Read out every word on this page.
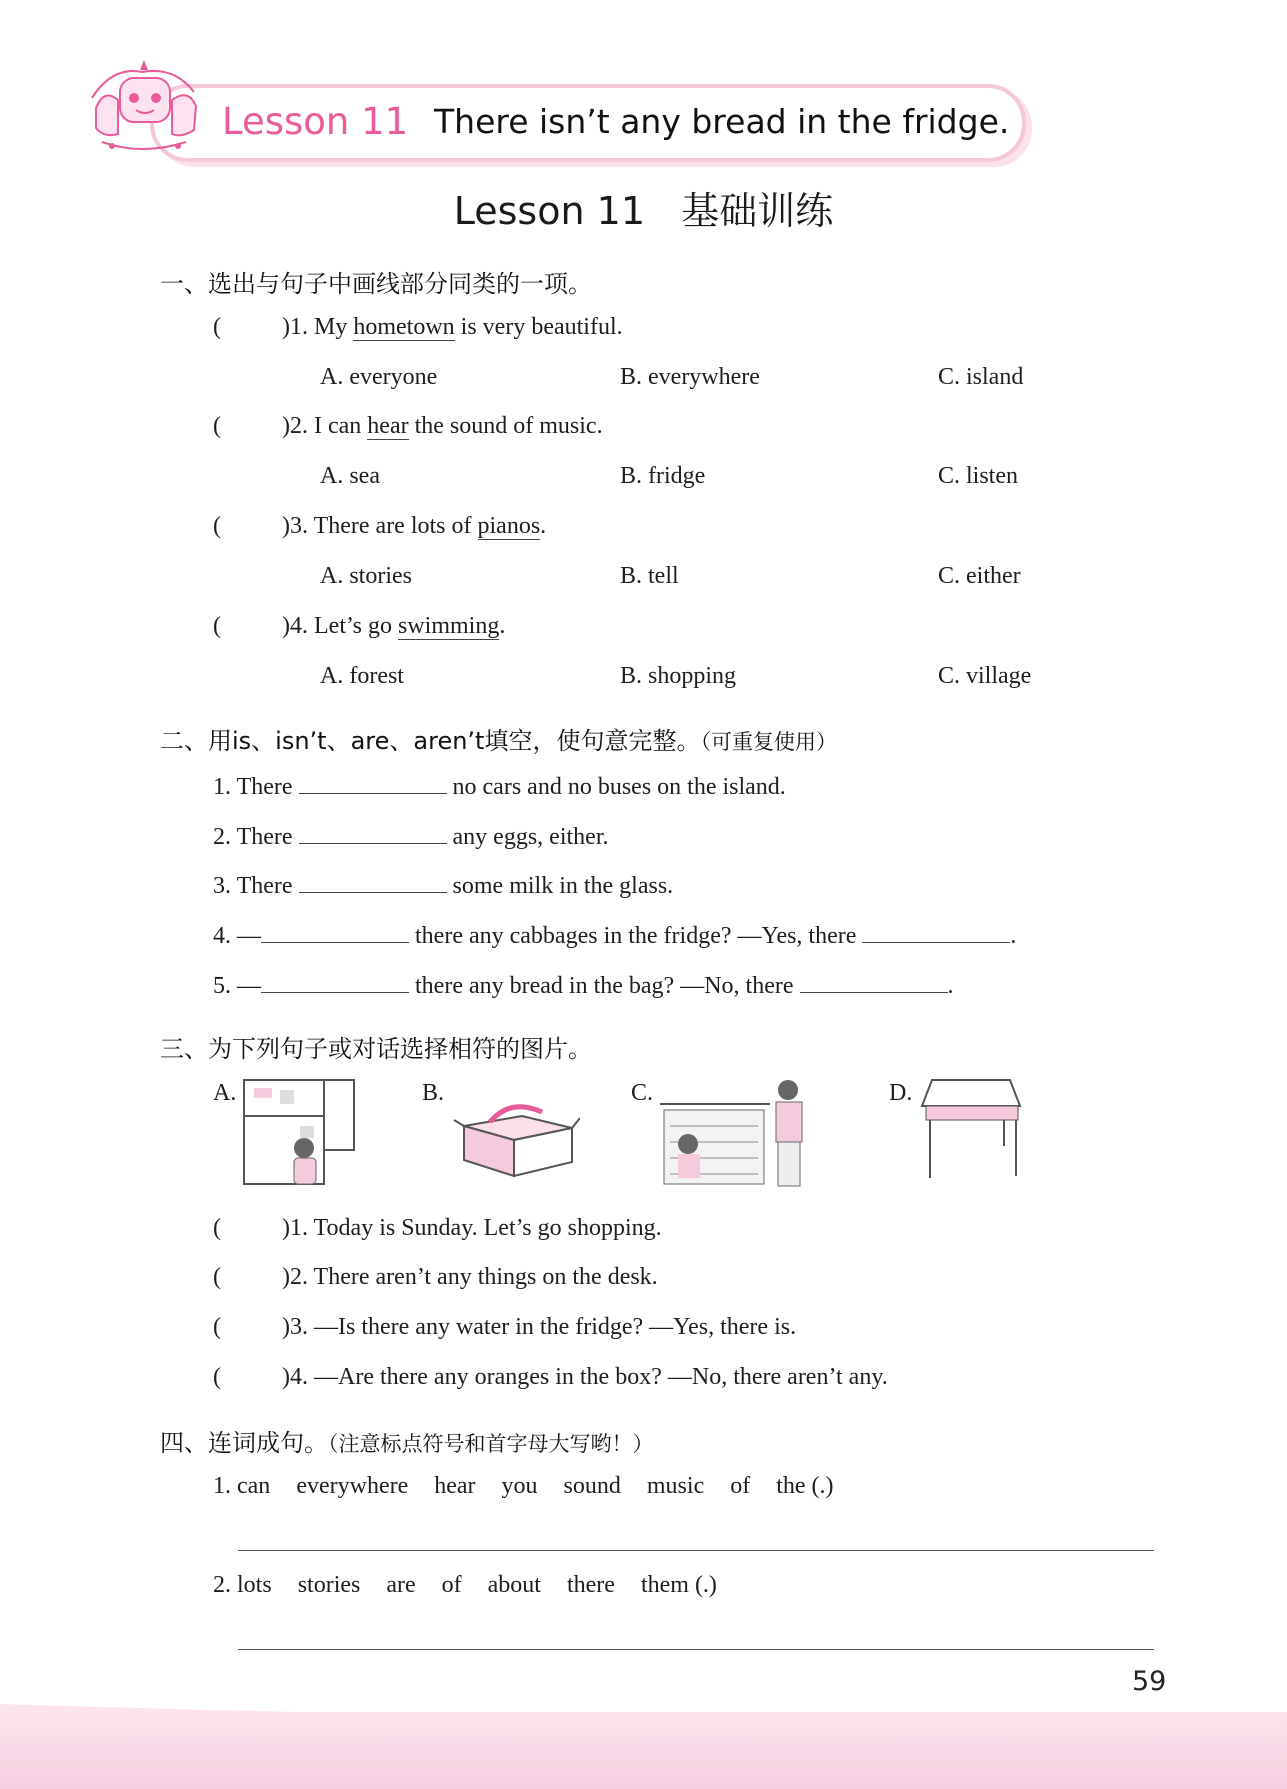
Lesson 11 There isn’t any bread in the fridge.
Lesson 11   基础训练
一、选出与句子中画线部分同类的一项。
(	)1. My hometown is very beautiful.
A. everyone	B. everywhere	C. island
(	)2. I can hear the sound of music.
A. sea	B. fridge	C. listen
(	)3. There are lots of pianos.
A. stories	B. tell	C. either
(	)4. Let’s go swimming.
A. forest	B. shopping	C. village
二、用is、isn’t、are、aren’t填空，使句意完整。（可重复使用）
1. There	no cars and no buses on the island.
2. There	any eggs, either.
3. There	some milk in the glass.
4. —	there any cabbages in the fridge? —Yes, there	.
5. —	there any bread in the bag? —No, there	.
三、为下列句子或对话选择相符的图片。
A.	B.	C.	D.
(	)1. Today is Sunday. Let’s go shopping.
(	)2. There aren’t any things on the desk.
(	)3. —Is there any water in the fridge? —Yes, there is.
(	)4. —Are there any oranges in the box? —No, there aren’t any.
四、连词成句。（注意标点符号和首字母大写哟！）
1. can everywhere hear you sound music of the (.)
2. lots stories are of about there them (.)
59
